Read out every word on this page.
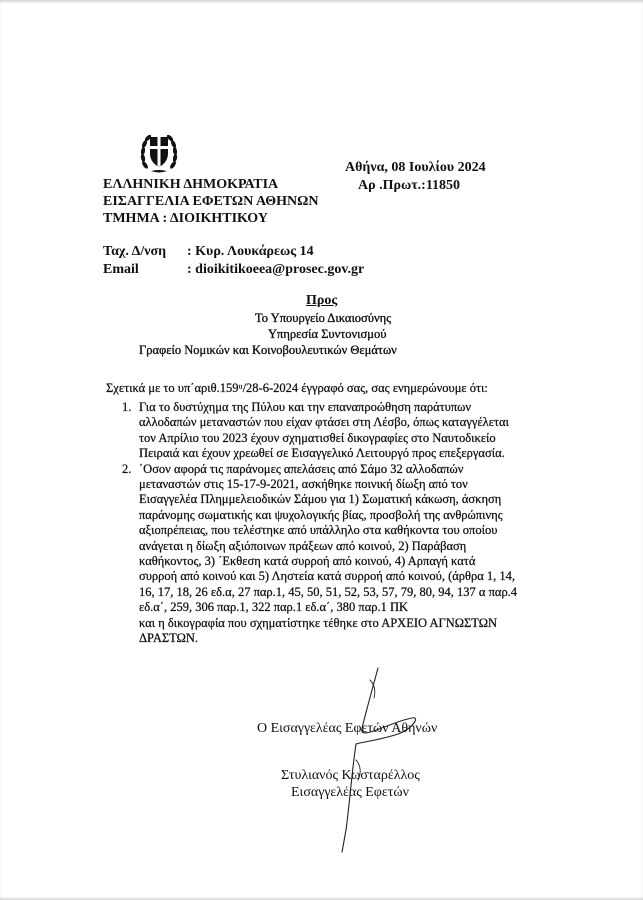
ΕΛΛΗΝΙΚΗ ΔΗΜΟΚΡΑΤΙΑ
ΕΙΣΑΓΓΕΛΙΑ ΕΦΕΤΩΝ ΑΘΗΝΩΝ
ΤΜΗΜΑ : ΔΙΟΙΚΗΤΙΚΟΥ
Αθήνα, 08 Ιουλίου 2024
Αρ .Πρωτ.:11850
Ταχ. Δ/νση : Κυρ. Λουκάρεως 14
Email	: dioikitikoeea@prosec.gov.gr
Προς
Το Υπουργείο Δικαιοσύνης
Υπηρεσία Συντονισμού
Γραφείο Νομικών και Κοινοβουλευτικών Θεμάτων
Σχετικά με το υπ΄αριθ.159ᵘ/28-6-2024 έγγραφό σας, σας ενημερώνουμε ότι:
1. Για το δυστύχημα της Πύλου και την επαναπροώθηση παράτυπων
αλλοδαπών μεταναστών που είχαν φτάσει στη Λέσβο, όπως καταγγέλεται
τον Απρίλιο του 2023 έχουν σχηματισθεί δικογραφίες στο Ναυτοδικείο
Πειραιά και έχουν χρεωθεί σε Εισαγγελικό Λειτουργό προς επεξεργασία.
2. ΄Οσον αφορά τις παράνομες απελάσεις από Σάμο 32 αλλοδαπών
μεταναστών στις 15-17-9-2021, ασκήθηκε ποινική δίωξη από τον
Εισαγγελέα Πλημμελειοδικών Σάμου για 1) Σωματική κάκωση, άσκηση
παράνομης σωματικής και ψυχολογικής βίας, προσβολή της ανθρώπινης
αξιοπρέπειας, που τελέστηκε από υπάλληλο στα καθήκοντα του οποίου
ανάγεται η δίωξη αξιόποινων πράξεων από κοινού, 2) Παράβαση
καθήκοντος, 3) ΄Εκθεση κατά συρροή από κοινού, 4) Αρπαγή κατά
συρροή από κοινού και 5) Ληστεία κατά συρροή από κοινού, (άρθρα 1, 14,
16, 17, 18, 26 εδ.α, 27 παρ.1, 45, 50, 51, 52, 53, 57, 79, 80, 94, 137 α παρ.4
εδ.α΄, 259, 306 παρ.1, 322 παρ.1 εδ.α΄, 380 παρ.1 ΠΚ
και η δικογραφία που σχηματίστηκε τέθηκε στο ΑΡΧΕΙΟ ΑΓΝΩΣΤΩΝ
ΔΡΑΣΤΩΝ.
Ο Εισαγγελέας Εφετών Αθηνών
Στυλιανός Κωσταρέλλος
Εισαγγελέας Εφετών
